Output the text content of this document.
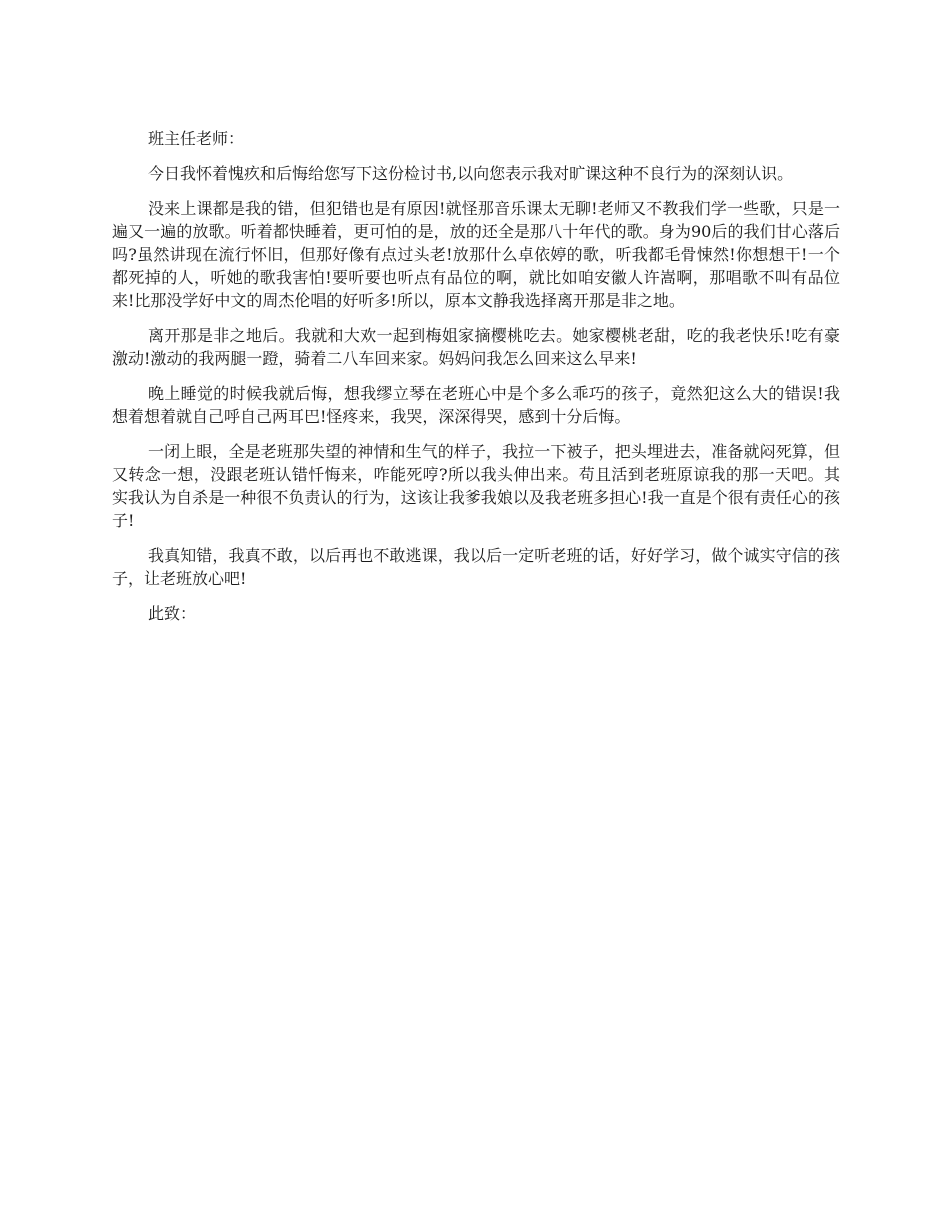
班主任老师：

今日我怀着愧疚和后悔给您写下这份检讨书,以向您表示我对旷课这种不良行为的深刻认识。

没来上课都是我的错，但犯错也是有原因!就怪那音乐课太无聊!老师又不教我们学一些歌，只是一遍又一遍的放歌。听着都快睡着，更可怕的是，放的还全是那八十年代的歌。身为90后的我们甘心落后吗?虽然讲现在流行怀旧，但那好像有点过头老!放那什么卓依婷的歌，听我都毛骨悚然!你想想干!一个都死掉的人，听她的歌我害怕!要听要也听点有品位的啊，就比如咱安徽人许嵩啊，那唱歌不叫有品位来!比那没学好中文的周杰伦唱的好听多!所以，原本文静我选择离开那是非之地。

离开那是非之地后。我就和大欢一起到梅姐家摘樱桃吃去。她家樱桃老甜，吃的我老快乐!吃有豪激动!激动的我两腿一蹬，骑着二八车回来家。妈妈问我怎么回来这么早来!

晚上睡觉的时候我就后悔，想我缪立琴在老班心中是个多么乖巧的孩子，竟然犯这么大的错误!我想着想着就自己呼自己两耳巴!怪疼来，我哭，深深得哭，感到十分后悔。

一闭上眼，全是老班那失望的神情和生气的样子，我拉一下被子，把头埋进去，准备就闷死算，但又转念一想，没跟老班认错忏悔来，咋能死哼?所以我头伸出来。苟且活到老班原谅我的那一天吧。其实我认为自杀是一种很不负责认的行为，这该让我爹我娘以及我老班多担心!我一直是个很有责任心的孩子!

我真知错，我真不敢，以后再也不敢逃课，我以后一定听老班的话，好好学习，做个诚实守信的孩子，让老班放心吧!

此致：
